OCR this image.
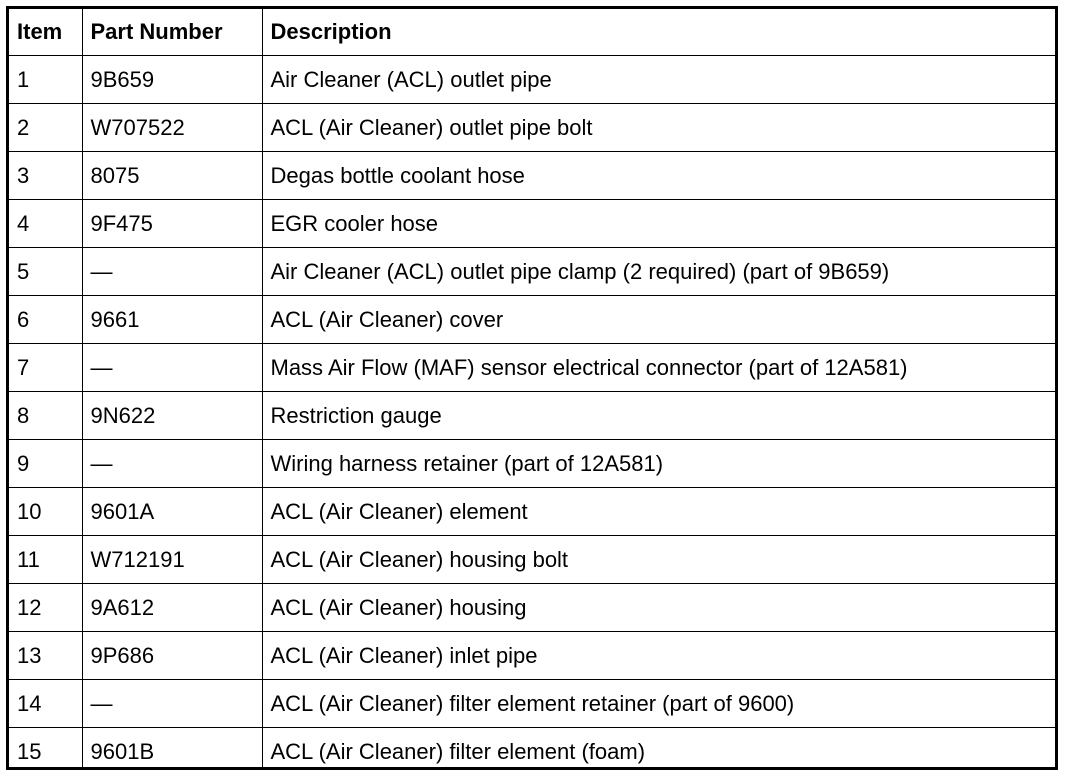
Item	Part Number	Description
1	9B659	Air Cleaner (ACL) outlet pipe
2	W707522	ACL (Air Cleaner) outlet pipe bolt
3	8075	Degas bottle coolant hose
4	9F475	EGR cooler hose
5	—	Air Cleaner (ACL) outlet pipe clamp (2 required) (part of 9B659)
6	9661	ACL (Air Cleaner) cover
7	—	Mass Air Flow (MAF) sensor electrical connector (part of 12A581)
8	9N622	Restriction gauge
9	—	Wiring harness retainer (part of 12A581)
10	9601A	ACL (Air Cleaner) element
11	W712191	ACL (Air Cleaner) housing bolt
12	9A612	ACL (Air Cleaner) housing
13	9P686	ACL (Air Cleaner) inlet pipe
14	—	ACL (Air Cleaner) filter element retainer (part of 9600)
15	9601B	ACL (Air Cleaner) filter element (foam)
